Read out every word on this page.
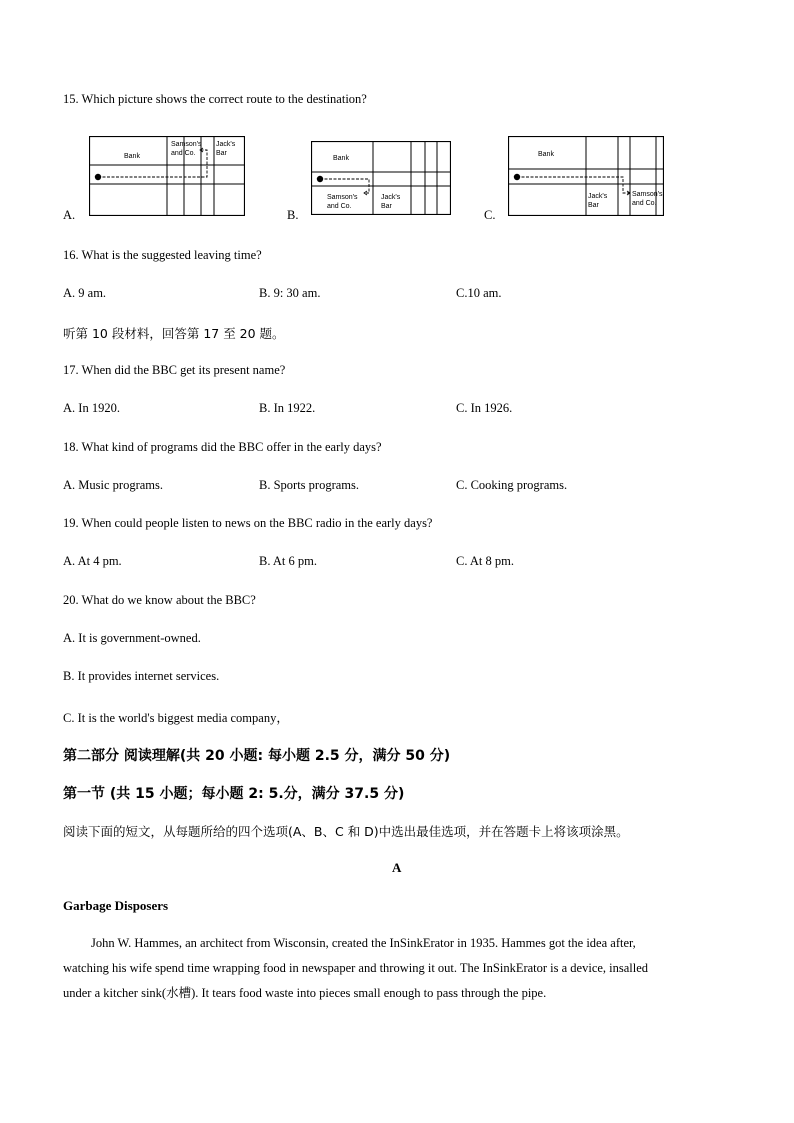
15. Which picture shows the correct route to the destination?
A.
Bank
Samson's
and Co.
Jack's
Bar
B.
Bank
Samson's
and Co.
Jack's
Bar
C.
Bank
Jack's
Bar
Samson's
and Co.
16. What is the suggested leaving time?
A. 9 am.	B. 9: 30 am.	C.10 am.
听第 10 段材料，回答第 17 至 20 题。
17. When did the BBC get its present name?
A. In 1920.	B. In 1922.	C. In 1926.
18. What kind of programs did the BBC offer in the early days?
A. Music programs.	B. Sports programs.	C. Cooking programs.
19. When could people listen to news on the BBC radio in the early days?
A. At 4 pm.	B. At 6 pm.	C. At 8 pm.
20. What do we know about the BBC?
A. It is government-owned.
B. It provides internet services.
C. It is the world's biggest media company，
第二部分 阅读理解(共 20 小题: 每小题 2.5 分，满分 50 分)
第一节 (共 15 小题；每小题 2: 5.分，满分 37.5 分)
阅读下面的短文，从每题所给的四个选项(A、B、C 和 D)中选出最佳选项，并在答题卡上将该项涂黑。
A
Garbage Disposers
John W. Hammes, an architect from Wisconsin, created the InSinkErator in 1935. Hammes got the idea after,
watching his wife spend time wrapping food in newspaper and throwing it out. The InSinkErator is a device, insalled
under a kitcher sink(水槽). It tears food waste into pieces small enough to pass through the pipe.
